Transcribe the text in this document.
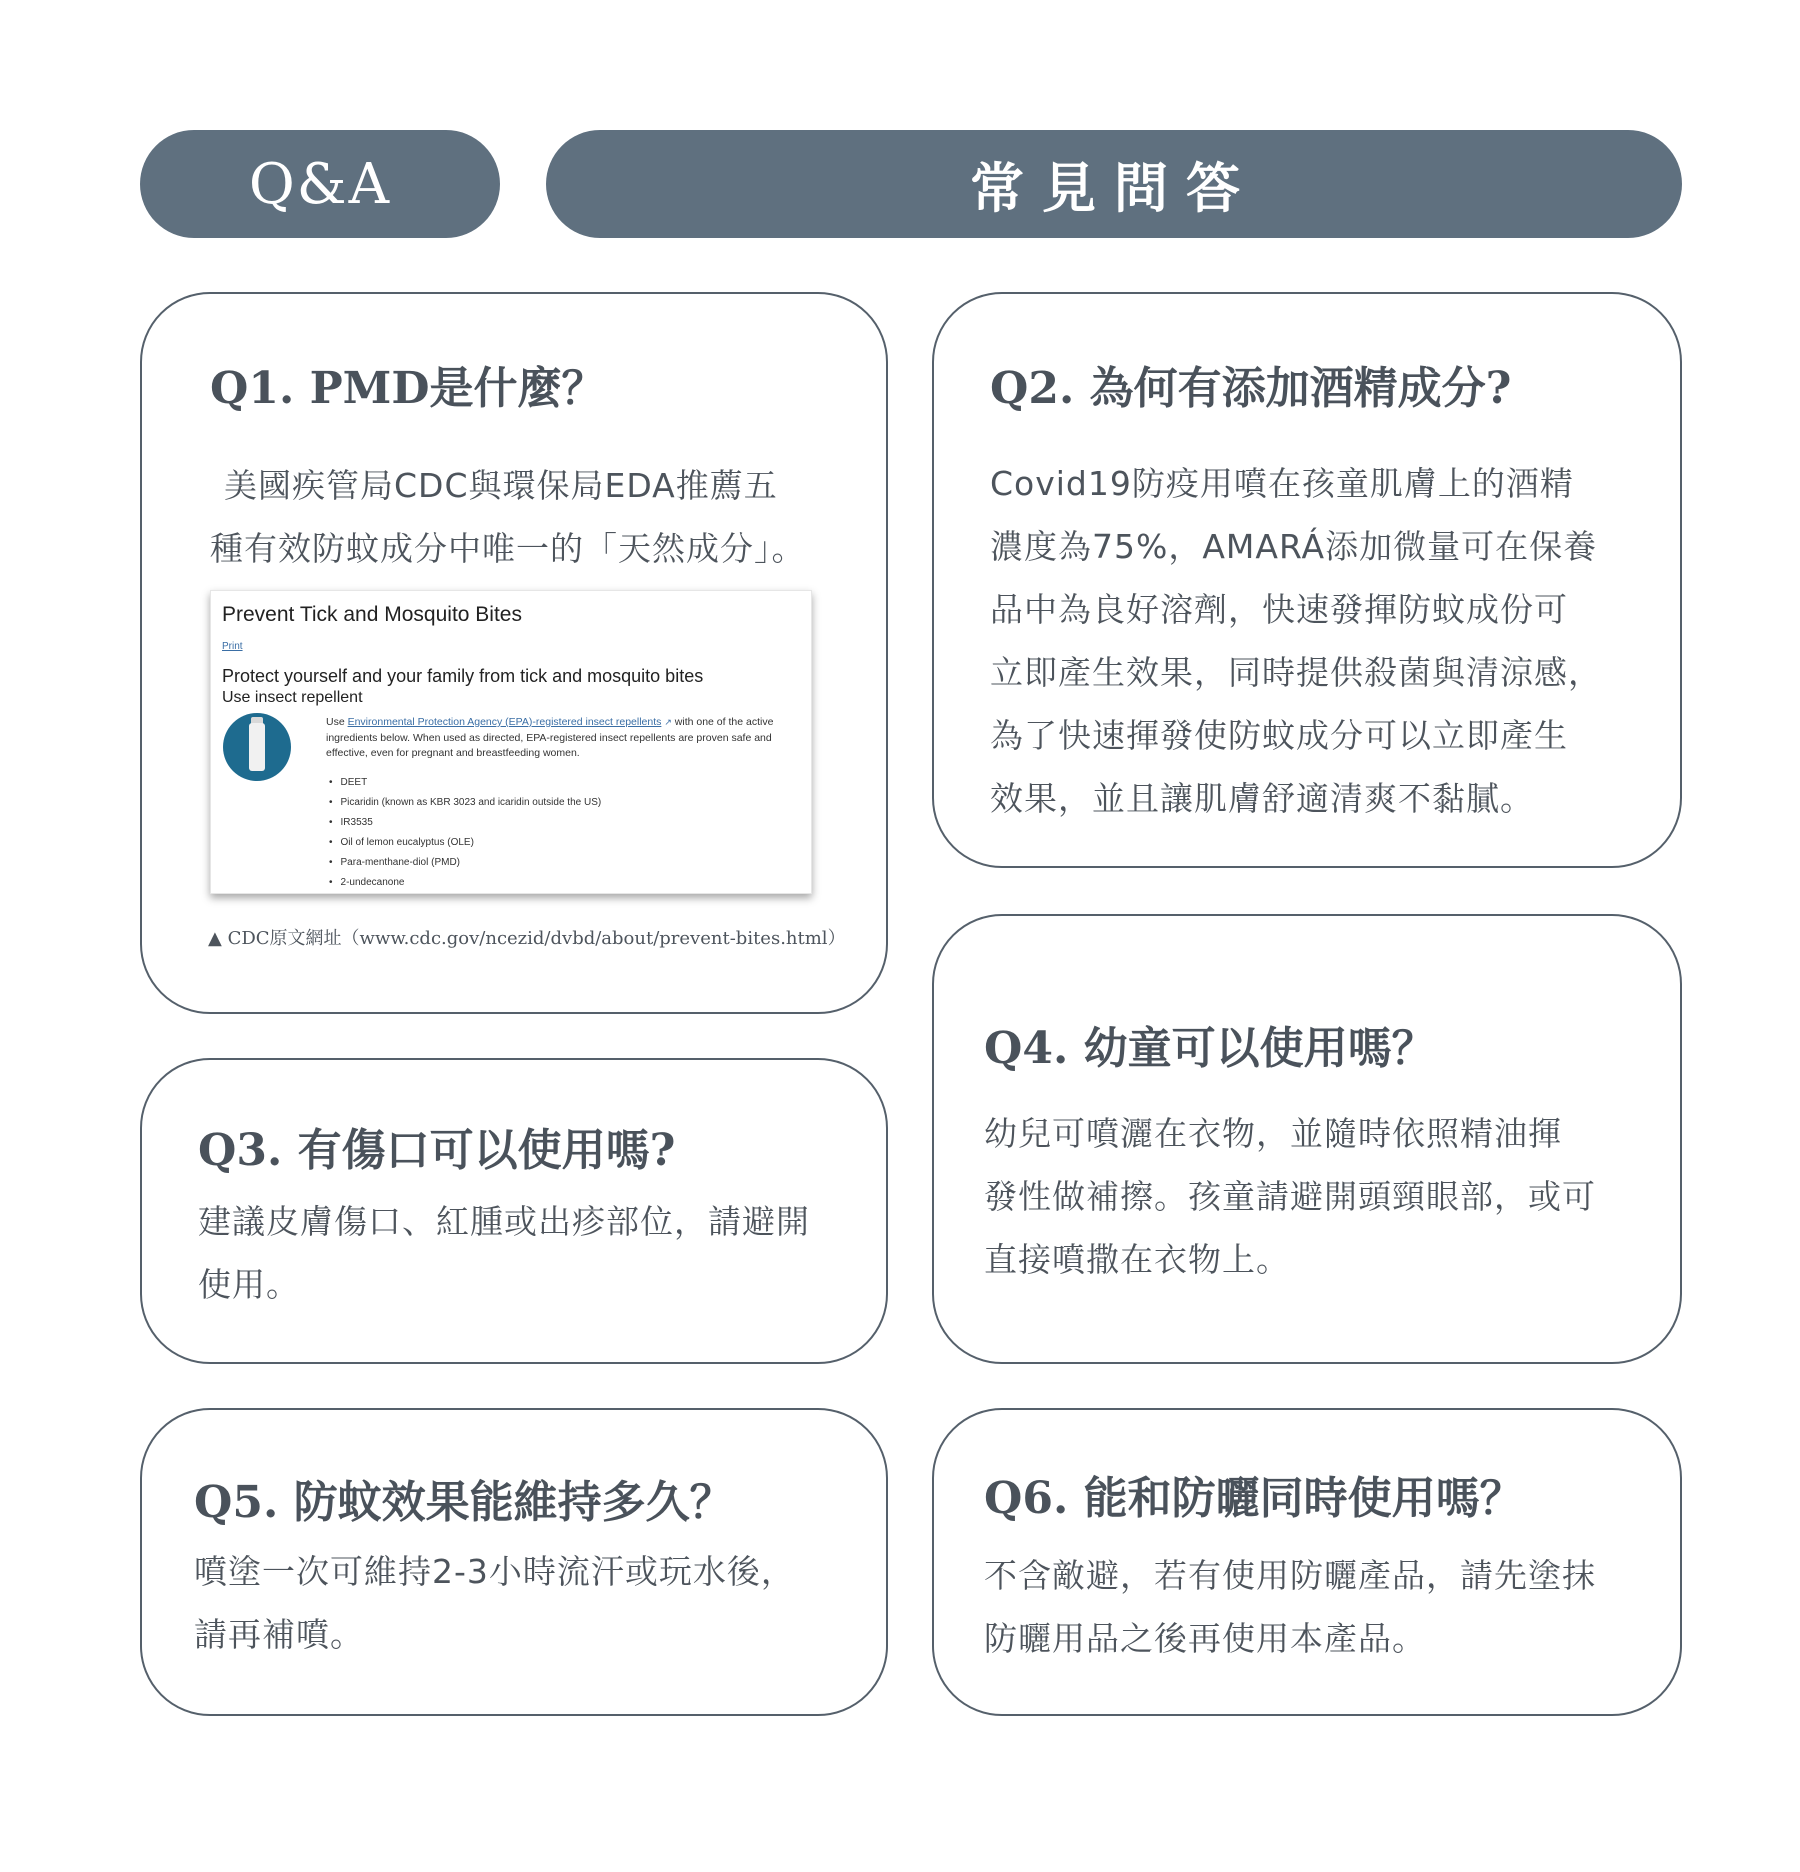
Q&A	常見問答
Q1. PMD是什麼？
美國疾管局CDC與環保局EDA推薦五
種有效防蚊成分中唯一的「天然成分」。
Prevent Tick and Mosquito Bites
Print
Protect yourself and your family from tick and mosquito bites
Use insect repellent
Use Environmental Protection Agency (EPA)-registered insect repellents ↗ with one of the active ingredients below. When used as directed, EPA-registered insect repellents are proven safe and effective, even for pregnant and breastfeeding women.
• DEET
• Picaridin (known as KBR 3023 and icaridin outside the US)
• IR3535
• Oil of lemon eucalyptus (OLE)
• Para-menthane-diol (PMD)
• 2-undecanone
▲ CDC原文網址（www.cdc.gov/ncezid/dvbd/about/prevent-bites.html）
Q2. 為何有添加酒精成分?
Covid19防疫用噴在孩童肌膚上的酒精
濃度為75%，AMARÁ添加微量可在保養
品中為良好溶劑，快速發揮防蚊成份可
立即產生效果，同時提供殺菌與清涼感，
為了快速揮發使防蚊成分可以立即產生
效果，並且讓肌膚舒適清爽不黏膩。
Q4. 幼童可以使用嗎？
幼兒可噴灑在衣物，並隨時依照精油揮
發性做補擦。孩童請避開頭頸眼部，或可
直接噴撒在衣物上。
Q3. 有傷口可以使用嗎?
建議皮膚傷口、紅腫或出疹部位，請避開
使用。
Q5. 防蚊效果能維持多久？
噴塗一次可維持2-3小時流汗或玩水後，
請再補噴。
Q6. 能和防曬同時使用嗎？
不含敵避，若有使用防曬產品，請先塗抹
防曬用品之後再使用本產品。
